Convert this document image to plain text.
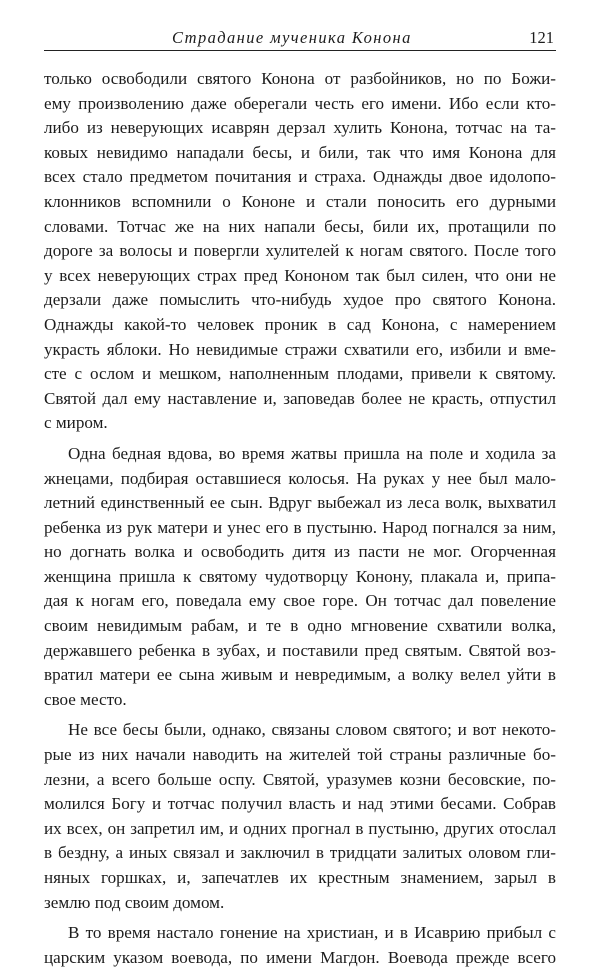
Страдание мученика Конона	121

только освободили святого Конона от разбойников, но по Божи-
ему произволению даже оберегали честь его имени. Ибо если кто-
либо из неверующих исаврян дерзал хулить Конона, тотчас на та-
ковых невидимо нападали бесы, и били, так что имя Конона для
всех стало предметом почитания и страха. Однажды двое идолопо-
клонников вспомнили о Кононе и стали поносить его дурными
словами. Тотчас же на них напали бесы, били их, протащили по
дороге за волосы и повергли хулителей к ногам святого. После того
у всех неверующих страх пред Кононом так был силен, что они не
дерзали даже помыслить что-нибудь худое про святого Конона.
Однажды какой-то человек проник в сад Конона, с намерением
украсть яблоки. Но невидимые стражи схватили его, избили и вме-
сте с ослом и мешком, наполненным плодами, привели к святому.
Святой дал ему наставление и, заповедав более не красть, отпустил
с миром.

Одна бедная вдова, во время жатвы пришла на поле и ходила за
жнецами, подбирая оставшиеся колосья. На руках у нее был мало-
летний единственный ее сын. Вдруг выбежал из леса волк, выхватил
ребенка из рук матери и унес его в пустыню. Народ погнался за ним,
но догнать волка и освободить дитя из пасти не мог. Огорченная
женщина пришла к святому чудотворцу Конону, плакала и, припа-
дая к ногам его, поведала ему свое горе. Он тотчас дал повеление
своим невидимым рабам, и те в одно мгновение схватили волка,
державшего ребенка в зубах, и поставили пред святым. Святой воз-
вратил матери ее сына живым и невредимым, а волку велел уйти в
свое место.

Не все бесы были, однако, связаны словом святого; и вот некото-
рые из них начали наводить на жителей той страны различные бо-
лезни, а всего больше оспу. Святой, уразумев козни бесовские, по-
молился Богу и тотчас получил власть и над этими бесами. Собрав
их всех, он запретил им, и одних прогнал в пустыню, других отослал
в бездну, а иных связал и заключил в тридцати залитых оловом гли-
няных горшках, и, запечатлев их крестным знамением, зарыл в
землю под своим домом.

В то время настало гонение на христиан, и в Исаврию прибыл с
царским указом воевода, по имени Магдон. Воевода прежде всего
